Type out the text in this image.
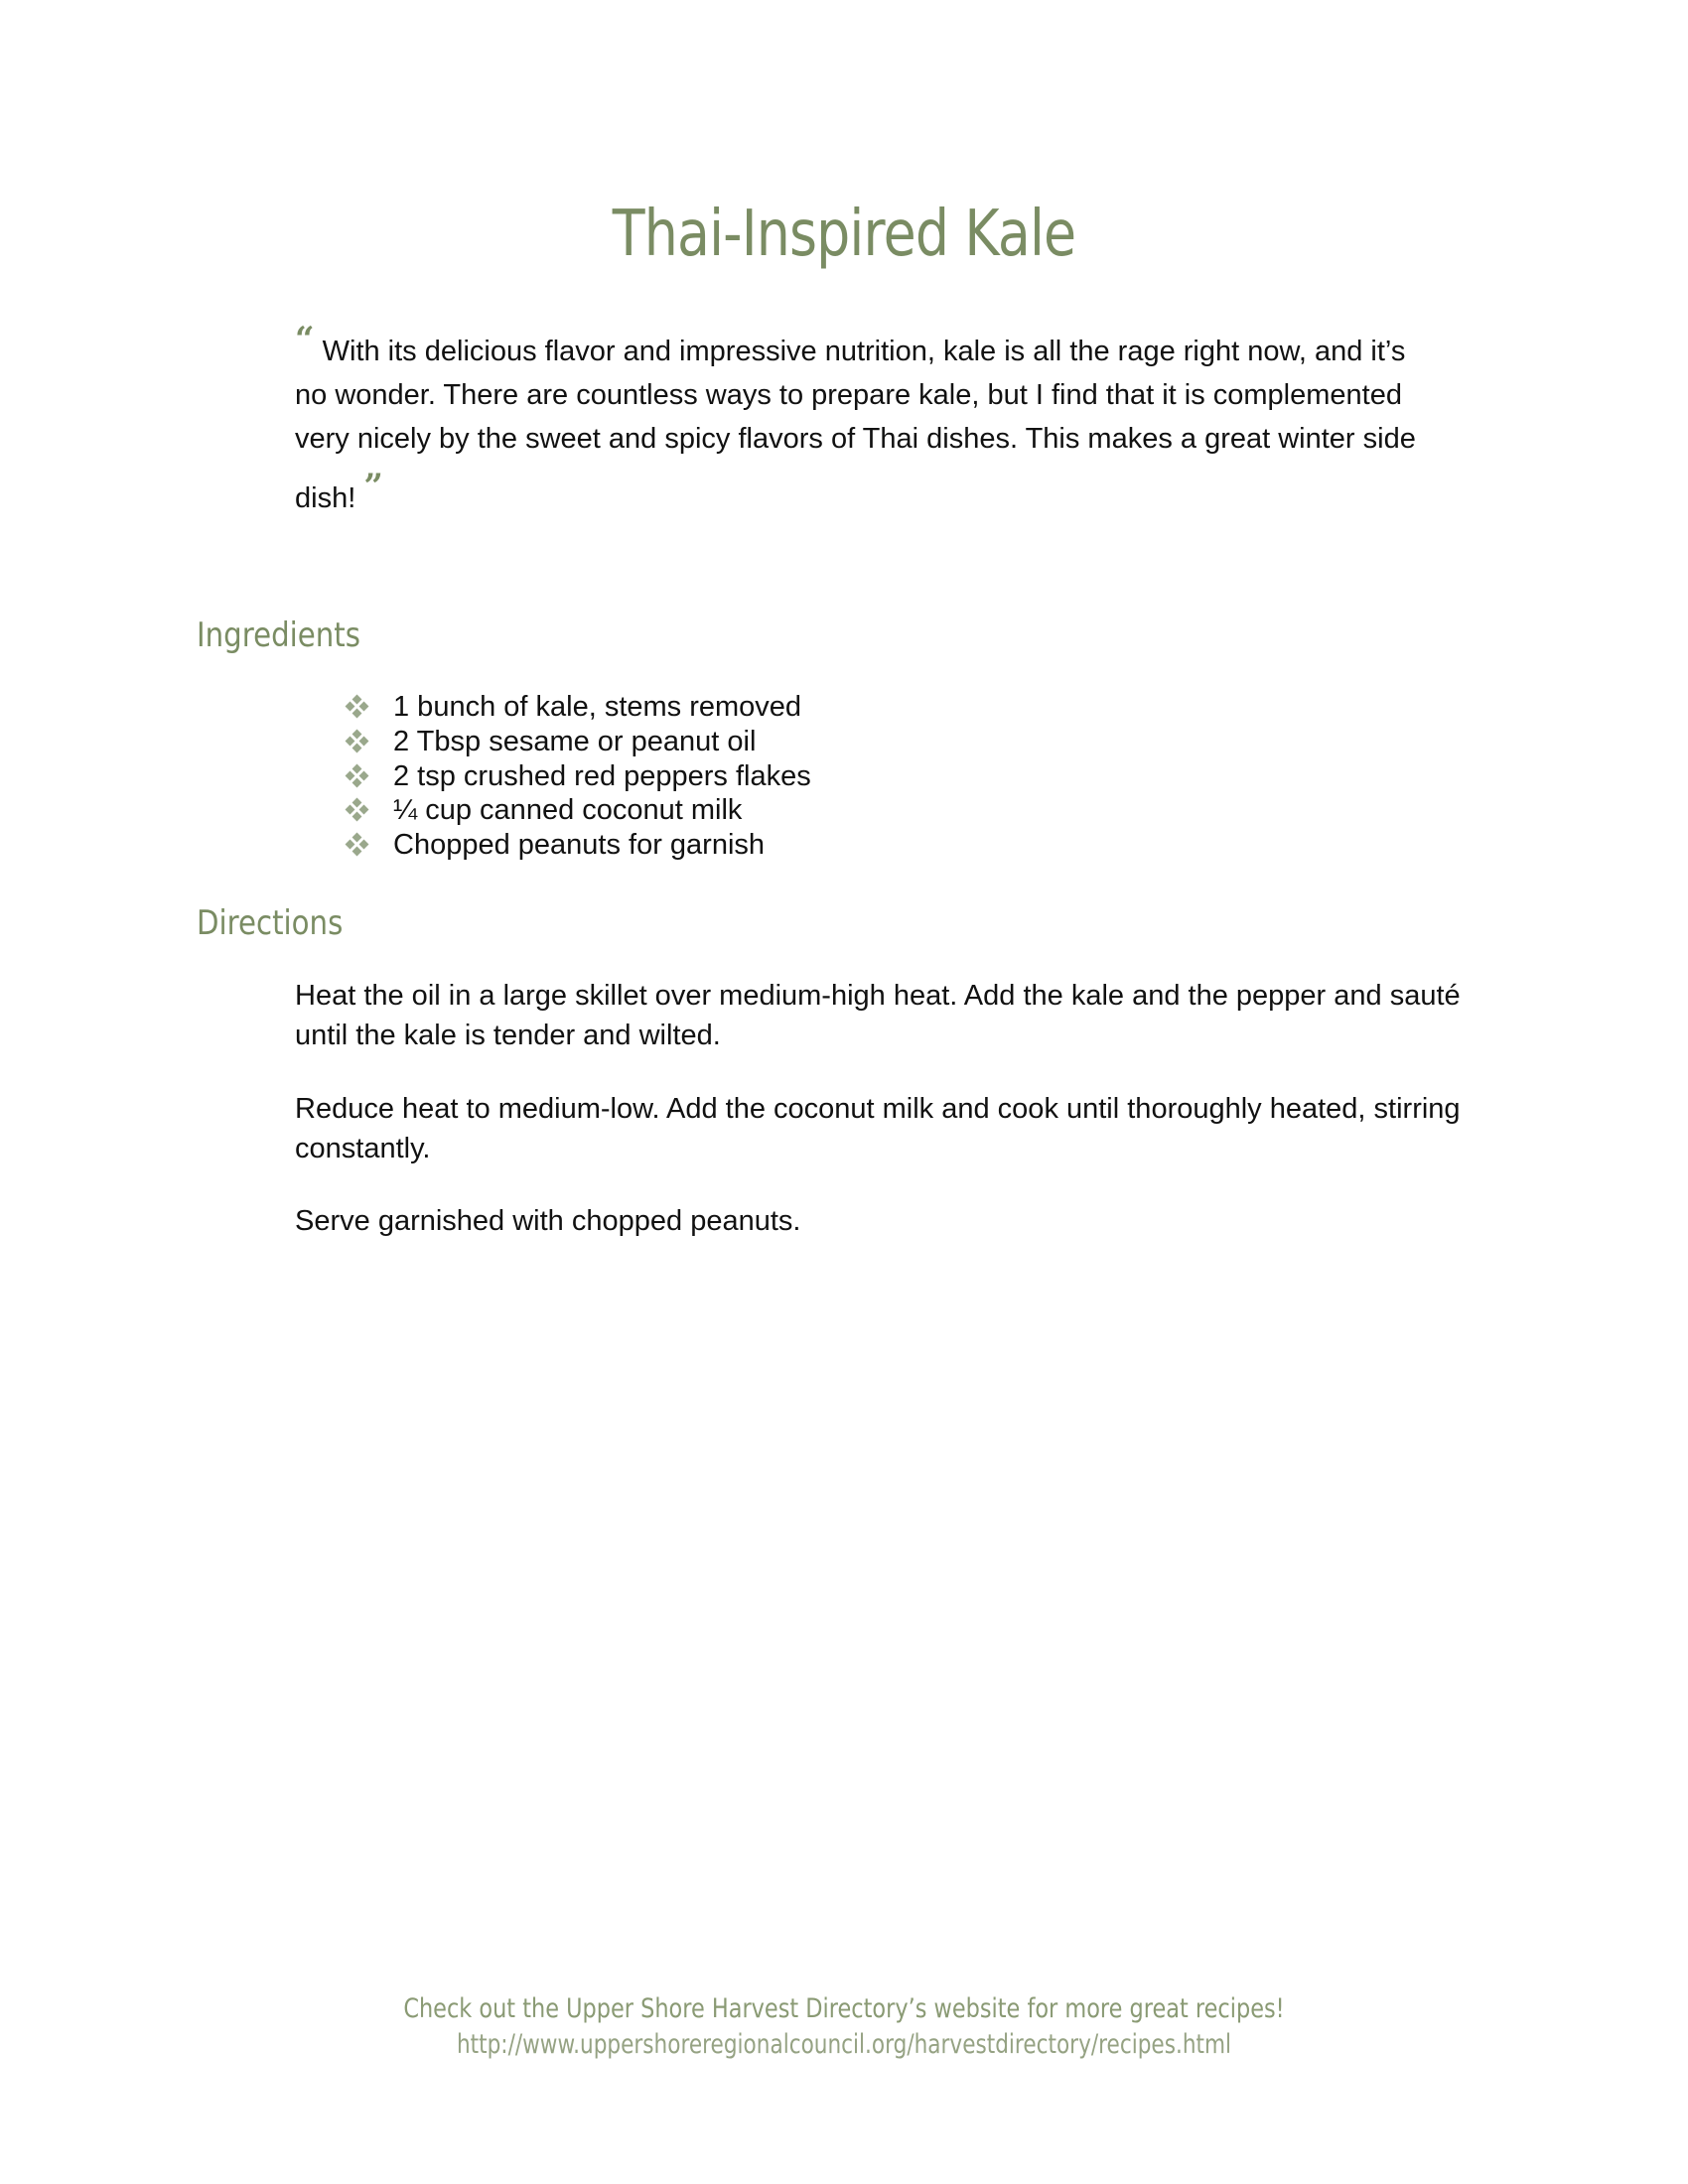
Thai-Inspired Kale
“ With its delicious flavor and impressive nutrition, kale is all the rage right now, and it’s
no wonder. There are countless ways to prepare kale, but I find that it is complemented
very nicely by the sweet and spicy flavors of Thai dishes. This makes a great winter side
dish! ”
Ingredients
1 bunch of kale, stems removed
2 Tbsp sesame or peanut oil
2 tsp crushed red peppers flakes
¼ cup canned coconut milk
Chopped peanuts for garnish
Directions

Heat the oil in a large skillet over medium-high heat. Add the kale and the pepper and sauté until the kale is tender and wilted.

Reduce heat to medium-low. Add the coconut milk and cook until thoroughly heated, stirring constantly.

Serve garnished with chopped peanuts.

Check out the Upper Shore Harvest Directory’s website for more great recipes!

http://www.uppershoreregionalcouncil.org/harvestdirectory/recipes.html
